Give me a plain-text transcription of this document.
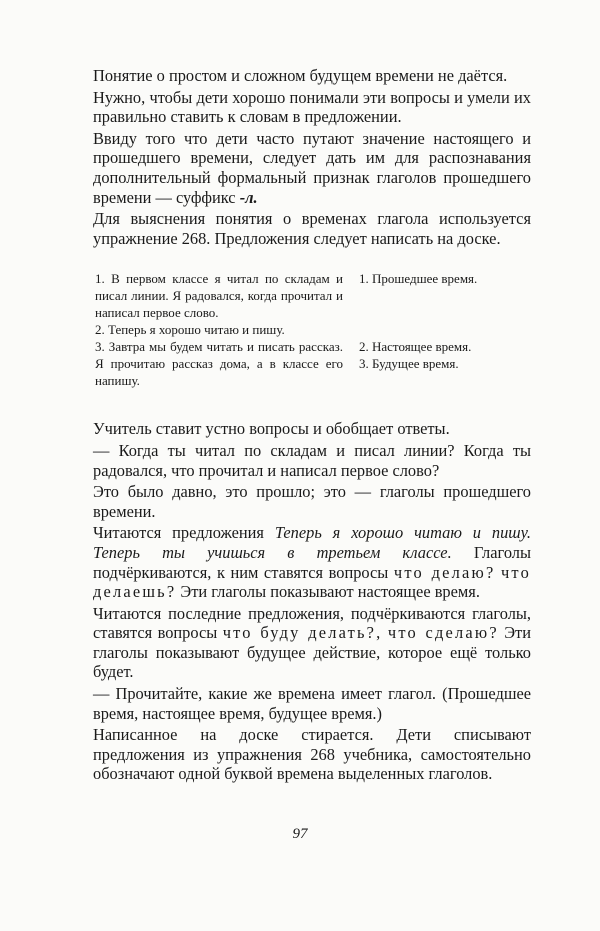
Понятие о простом и сложном будущем времени не даётся.

Нужно, чтобы дети хорошо понимали эти вопросы и умели их правильно ставить к словам в предложении.

Ввиду того что дети часто путают значение настоящего и прошедшего времени, следует дать им для распознавания дополнительный формальный признак глаголов прошедшего времени — суффикс -л.

Для выяснения понятия о временах глагола используется упражнение 268. Предложения следует написать на доске.

1. В первом классе я читал по складам и писал линии. Я радовался, когда прочитал и написал первое слово.
2. Теперь я хорошо читаю и пишу.
3. Завтра мы будем читать и писать рассказ. Я прочитаю рассказ дома, а в классе его напишу.
1. Прошедшее время.
2. Настоящее время.
3. Будущее время.

Учитель ставит устно вопросы и обобщает ответы.

— Когда ты читал по складам и писал линии? Когда ты радовался, что прочитал и написал первое слово?

Это было давно, это прошло; это — глаголы прошедшего времени.

Читаются предложения Теперь я хорошо читаю и пишу. Теперь ты учишься в третьем классе. Глаголы подчёркиваются, к ним ставятся вопросы что делаю? что делаешь? Эти глаголы показывают настоящее время.

Читаются последние предложения, подчёркиваются глаголы, ставятся вопросы что буду делать?, что сделаю? Эти глаголы показывают будущее действие, которое ещё только будет.

— Прочитайте, какие же времена имеет глагол. (Прошедшее время, настоящее время, будущее время.)

Написанное на доске стирается. Дети списывают предложения из упражнения 268 учебника, самостоятельно обозначают одной буквой времена выделенных глаголов.

97
